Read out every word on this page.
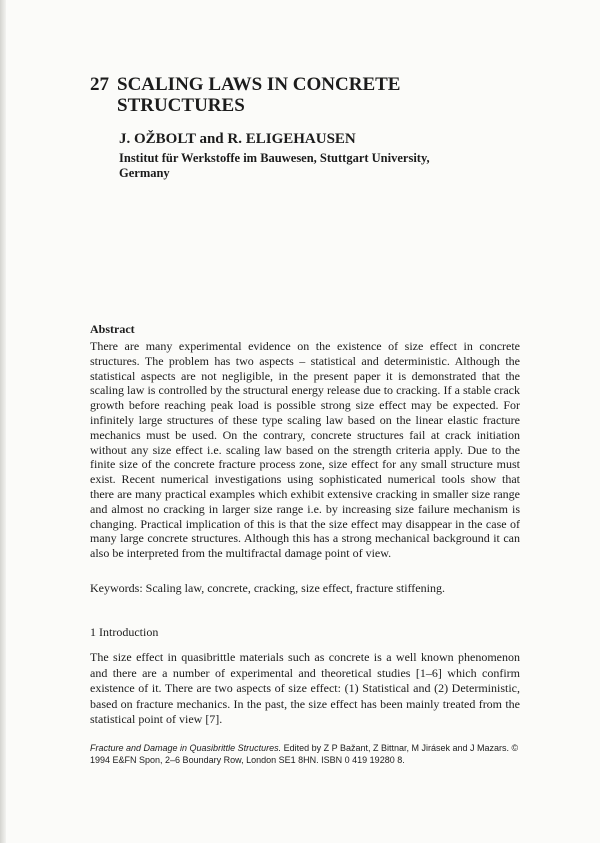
27 SCALING LAWS IN CONCRETE STRUCTURES
J. OŽBOLT and R. ELIGEHAUSEN
Institut für Werkstoffe im Bauwesen, Stuttgart University, Germany
Abstract

There are many experimental evidence on the existence of size effect in concrete structures. The problem has two aspects – statistical and deterministic. Although the statistical aspects are not negligible, in the present paper it is demonstrated that the scaling law is controlled by the structural energy release due to cracking. If a stable crack growth before reaching peak load is possible strong size effect may be expected. For infinitely large structures of these type scaling law based on the linear elastic fracture mechanics must be used. On the contrary, concrete structures fail at crack initiation without any size effect i.e. scaling law based on the strength criteria apply. Due to the finite size of the concrete fracture process zone, size effect for any small structure must exist. Recent numerical investigations using sophisticated numerical tools show that there are many practical examples which exhibit extensive cracking in smaller size range and almost no cracking in larger size range i.e. by increasing size failure mechanism is changing. Practical implication of this is that the size effect may disappear in the case of many large concrete structures. Although this has a strong mechanical background it can also be interpreted from the multifractal damage point of view.

Keywords: Scaling law, concrete, cracking, size effect, fracture stiffening.

1 Introduction

The size effect in quasibrittle materials such as concrete is a well known phenomenon and there are a number of experimental and theoretical studies [1–6] which confirm existence of it. There are two aspects of size effect: (1) Statistical and (2) Deterministic, based on fracture mechanics. In the past, the size effect has been mainly treated from the statistical point of view [7].

Fracture and Damage in Quasibrittle Structures. Edited by Z P Bažant, Z Bittnar, M Jirásek and J Mazars. © 1994 E&FN Spon, 2–6 Boundary Row, London SE1 8HN. ISBN 0 419 19280 8.
